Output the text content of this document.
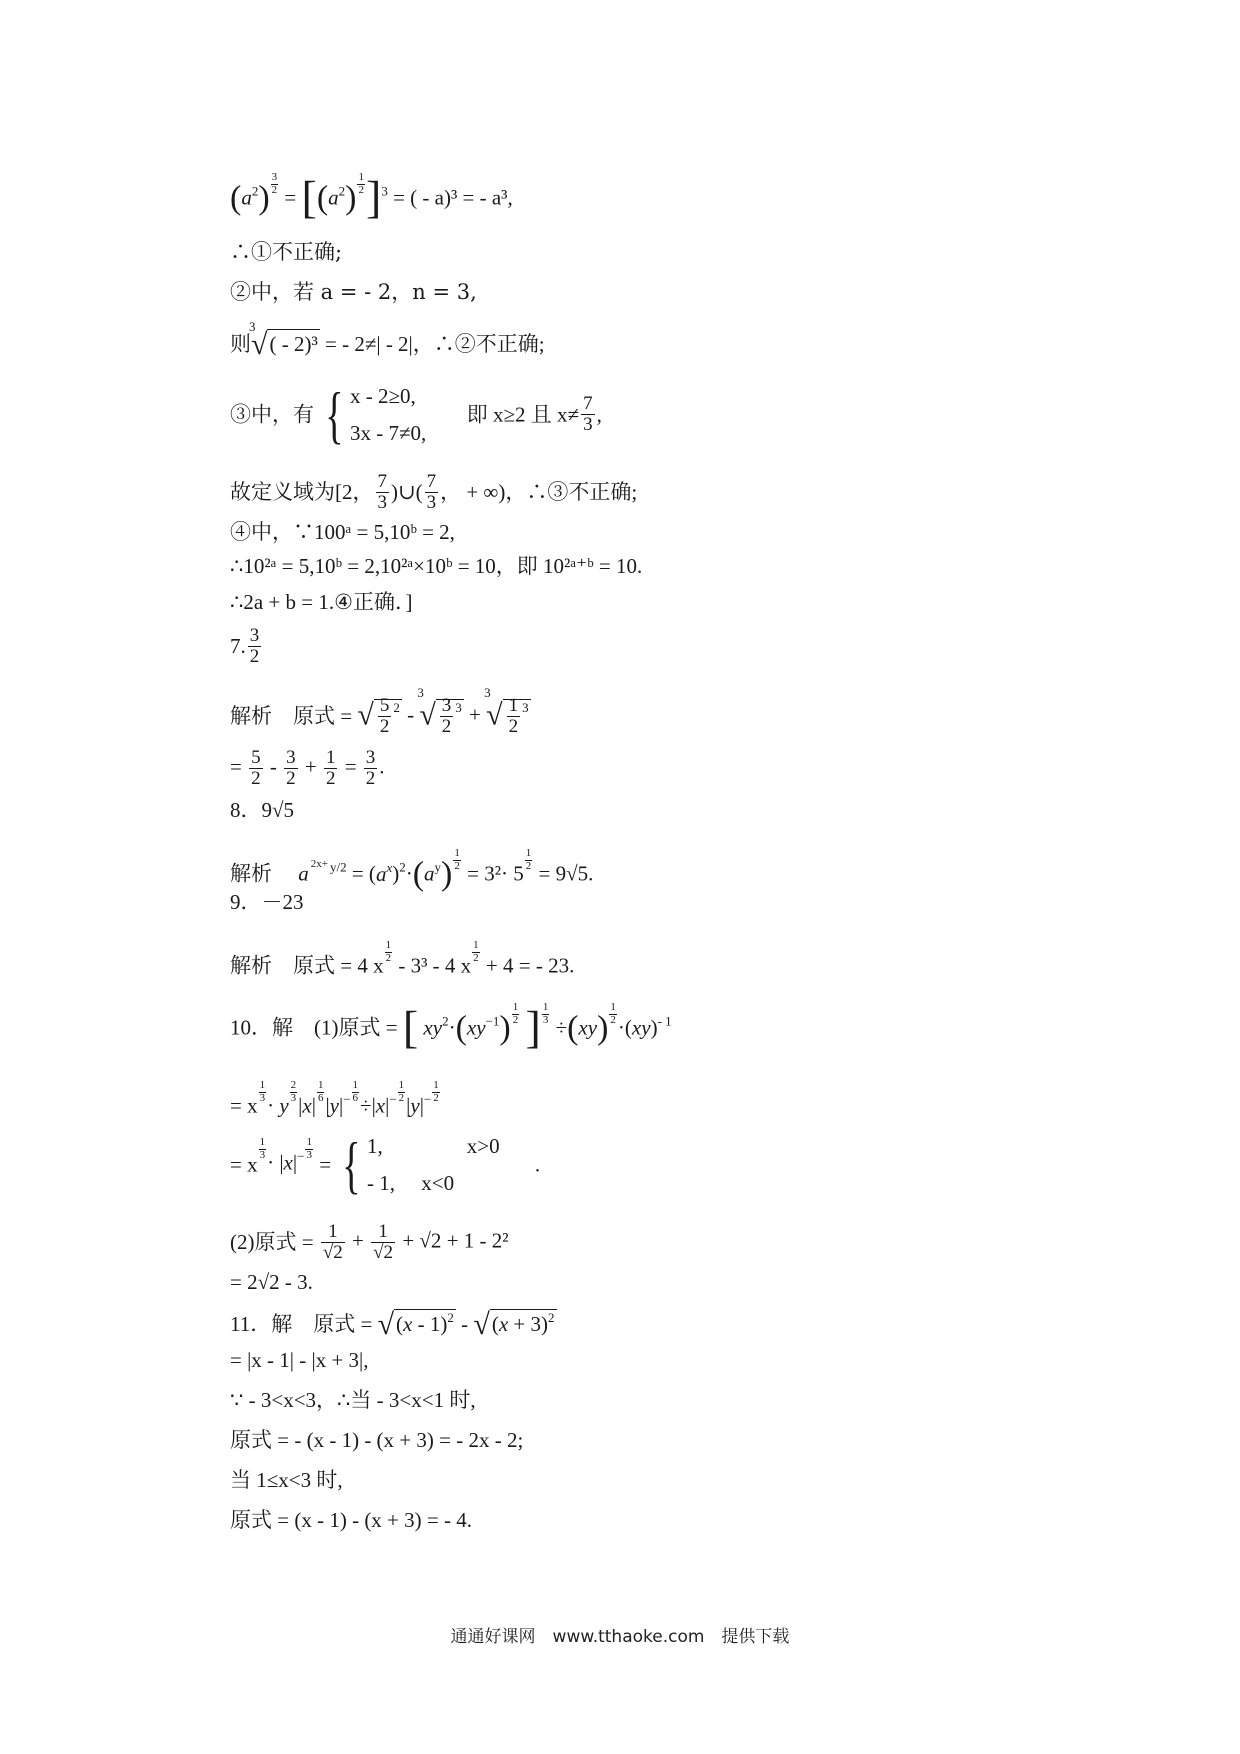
$(a^2) \frac{3}{2}$
= $[(a^2) \frac{1}{2} ]^3$ = ( - a)³ = - a³,
∴①不正确;
②中，若 a = - 2，n = 3,
则
3
√( - 2)³ = - 2≠| - 2|，∴②不正确;
③中，有 { x - 2≥0,
3x - 7≠0,  即 x≥2 且 $x\ne \frac{7}{3}$ ,
故定义域为[2， $\frac{7}{3}$ )∪( $\frac{7}{3}$ ， + ∞)，∴③不正确;
④中，∵100ᵃ = 5,10ᵇ = 2,
∴10²ᵃ = 5,10ᵇ = 2,10²ᵃ×10ᵇ = 10，即 10²ᵃ⁺ᵇ = 10.
∴2a + b = 1.④正确．]
7. $\frac{3}{2}$
解析　原式 = √ $\frac{5}{2} ^2$ -
3
√ $\frac{3}{2} ^3$ +
3
√ $\frac{1}{2} ^3$
= $\frac{5}{2} - \frac{3}{2} + \frac{1}{2} = \frac{3}{2}$ .
8．9√5
解析　 a $2x+ ^{y/2} = (a^x)^2\cdot(a^y) \frac{1}{2}$
= 3²· 5
$\frac{1}{2}$
= 9√5.
9．－23
解析　原式 = 4 x
$\frac{1}{2}$
- 3³ - 4 x
$\frac{1}{2}$
+ 4 = - 23.
10．解　(1)原式 = [ $xy^2\cdot(xy^{-1}) \frac{1}{2}$ ] $\frac{1}{3}$
$\div(xy) \frac{1}{2}$
·(xy)$^{- 1}$
= x
$\frac{1}{3}$
· y
$\frac{2}{3}$
|x|
$\frac{1}{6}$
$|y|^- \frac{1}{6}$
$\div|x|^- \frac{1}{2}$
$|y|^- \frac{1}{2}$
= x
$\frac{1}{3}$
· $|x|^- \frac{1}{3}$
= { 1,　　　　x>0
- 1,　 x<0 .
(2)原式 = $\frac{1}{√2} + \frac{1}{√2} + √2 + 1 - 2^2$
= 2√2 - 3.
11．解　原式 = $√(x - 1)^2 - √(x + 3)^2$
= |x - 1| - |x + 3|,
∵ - 3<x<3，∴当 - 3<x<1 时,
原式 = - (x - 1) - (x + 3) = - 2x - 2;
当 1≤x<3 时,
原式 = (x - 1) - (x + 3) = - 4.
通通好课网　www.tthaoke.com　提供下载
